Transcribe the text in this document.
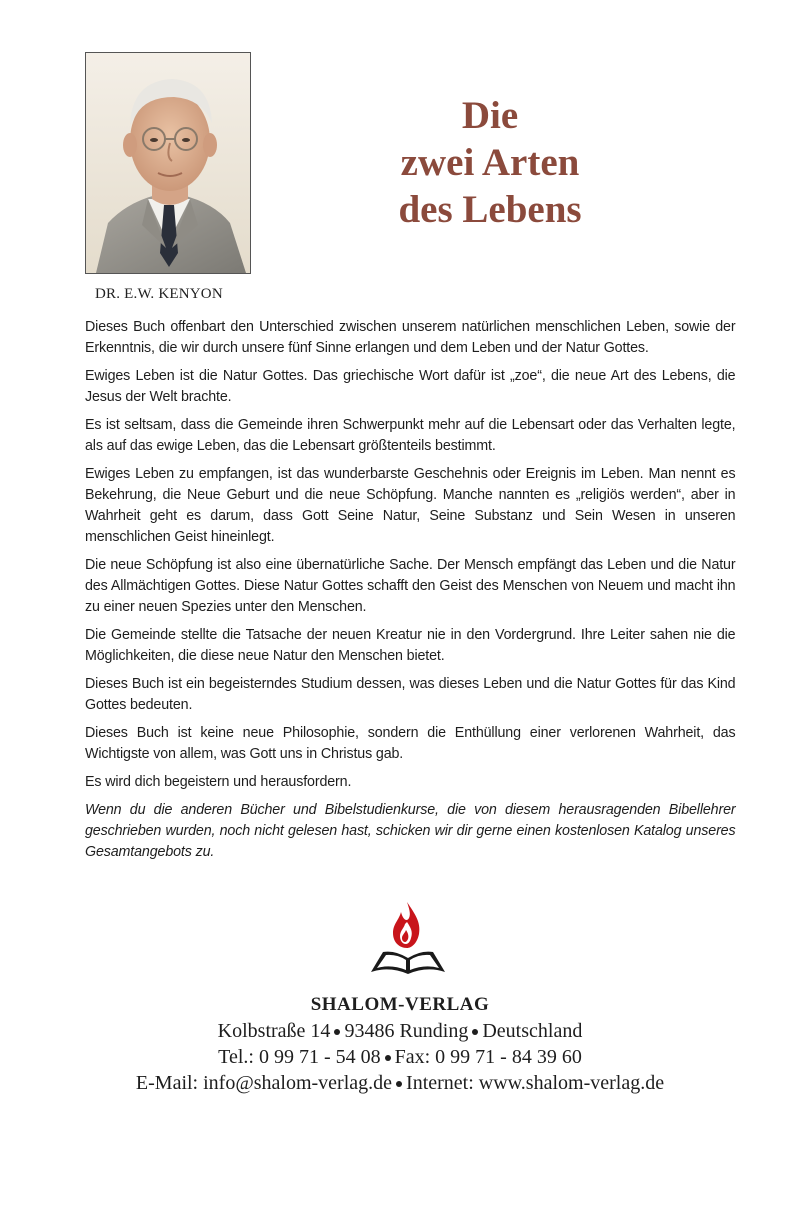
DR. E.W. KENYON
Die
zwei Arten
des Lebens

Dieses Buch offenbart den Unterschied zwischen unserem natürlichen menschlichen Leben, sowie der Erkenntnis, die wir durch unsere fünf Sinne erlangen und dem Leben und der Natur Gottes.

Ewiges Leben ist die Natur Gottes. Das griechische Wort dafür ist „zoe“, die neue Art des Lebens, die Jesus der Welt brachte.

Es ist seltsam, dass die Gemeinde ihren Schwerpunkt mehr auf die Lebensart oder das Verhalten legte, als auf das ewige Leben, das die Lebensart größtenteils bestimmt.

Ewiges Leben zu empfangen, ist das wunderbarste Geschehnis oder Ereignis im Leben. Man nennt es Bekehrung, die Neue Geburt und die neue Schöpfung. Manche nannten es „religiös werden“, aber in Wahrheit geht es darum, dass Gott Seine Natur, Seine Substanz und Sein Wesen in unseren menschlichen Geist hineinlegt.

Die neue Schöpfung ist also eine übernatürliche Sache. Der Mensch empfängt das Leben und die Natur des Allmächtigen Gottes. Diese Natur Gottes schafft den Geist des Menschen von Neuem und macht ihn zu einer neuen Spezies unter den Menschen.

Die Gemeinde stellte die Tatsache der neuen Kreatur nie in den Vordergrund. Ihre Leiter sahen nie die Möglichkeiten, die diese neue Natur den Menschen bietet.

Dieses Buch ist ein begeisterndes Studium dessen, was dieses Leben und die Natur Gottes für das Kind Gottes bedeuten.

Dieses Buch ist keine neue Philosophie, sondern die Enthüllung einer verlorenen Wahrheit, das Wichtigste von allem, was Gott uns in Christus gab.

Es wird dich begeistern und herausfordern.

Wenn du die anderen Bücher und Bibelstudienkurse, die von diesem herausragenden Bibellehrer geschrieben wurden, noch nicht gelesen hast, schicken wir dir gerne einen kostenlosen Katalog unseres Gesamtangebots zu.

SHALOM-VERLAG
Kolbstraße 14 93486 Runding Deutschland
Tel.: 0 99 71 - 54 08 Fax: 0 99 71 - 84 39 60
E-Mail: info@shalom-verlag.de Internet: www.shalom-verlag.de
